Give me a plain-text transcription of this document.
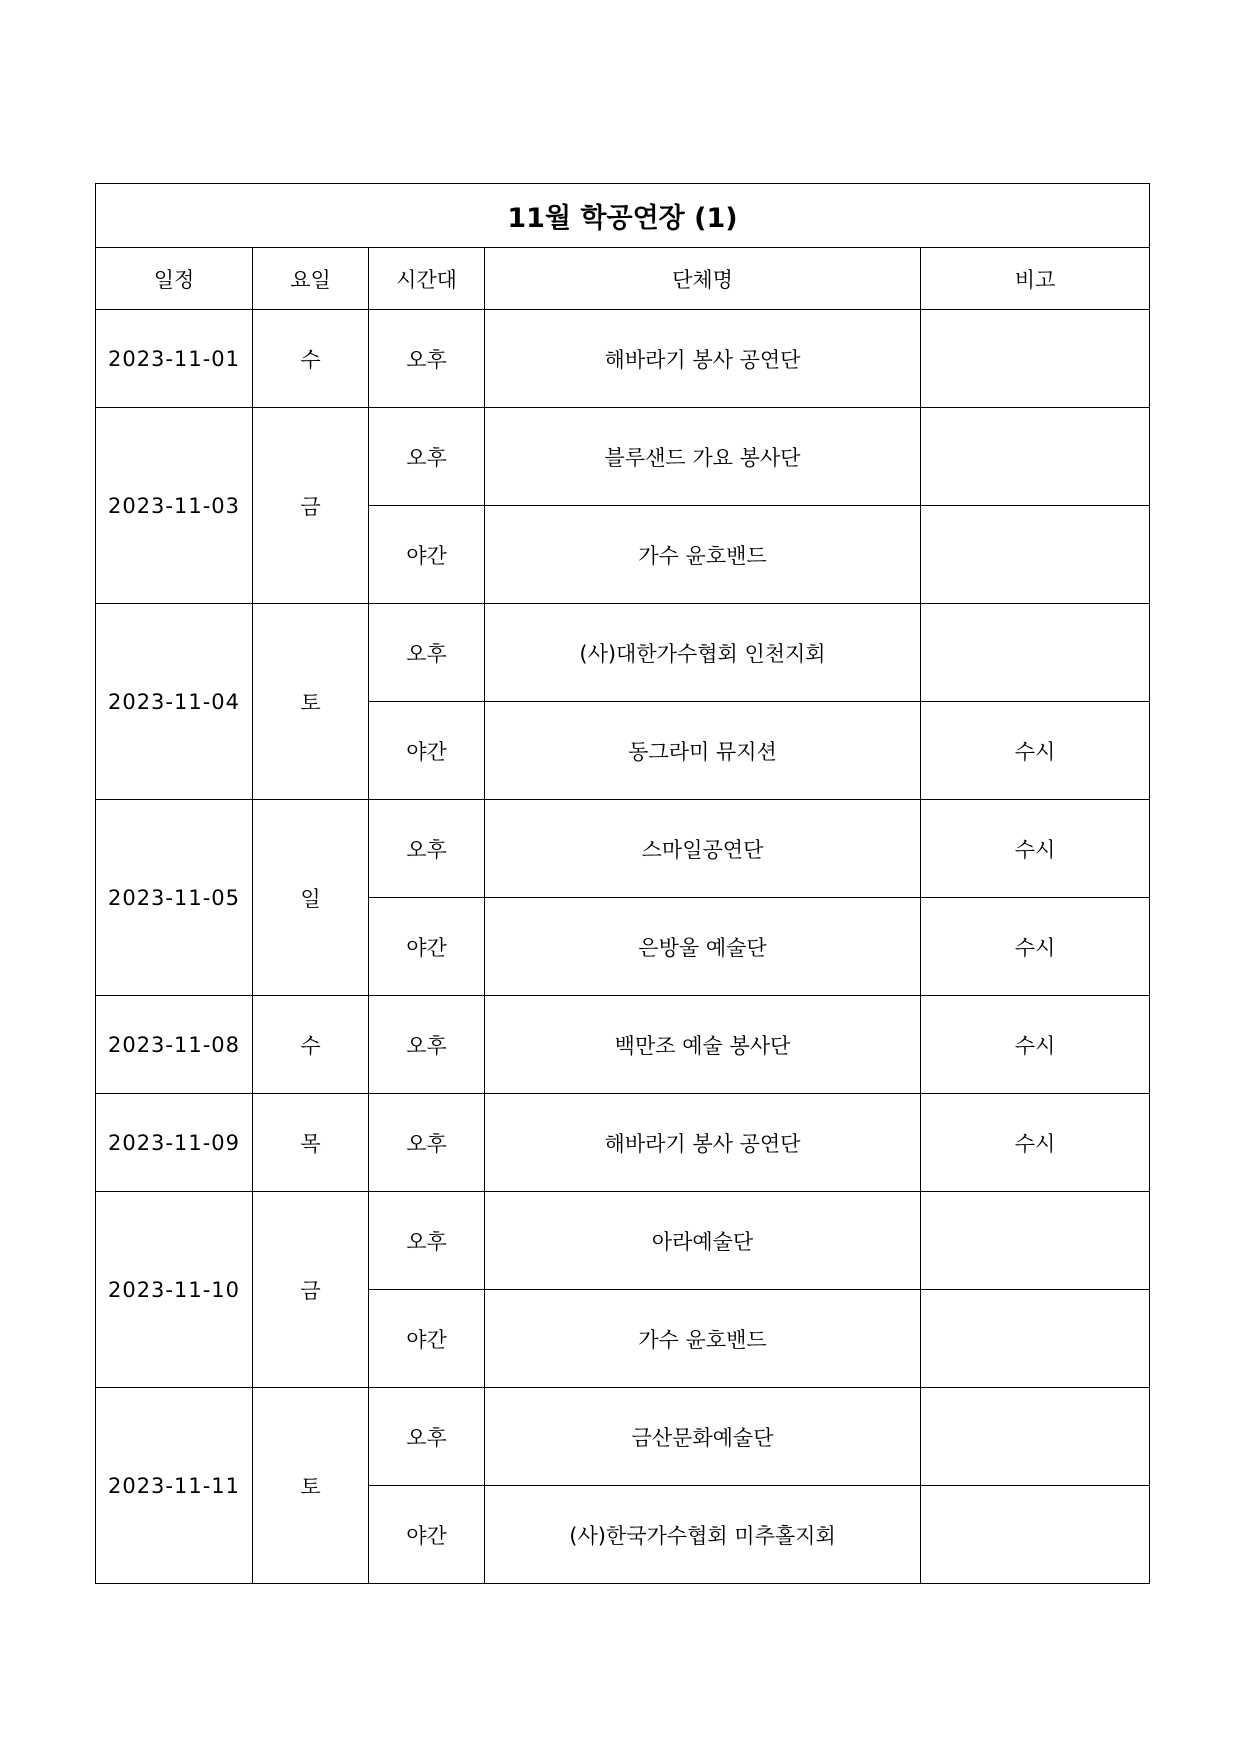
11월 학공연장 (1)				
일정	요일	시간대	단체명	비고
2023-11-01	수	오후	해바라기 봉사 공연단	
2023-11-03	금	오후	블루샌드 가요 봉사단	
		야간	가수 윤호밴드	
2023-11-04	토	오후	(사)대한가수협회 인천지회	
		야간	동그라미 뮤지션	수시
2023-11-05	일	오후	스마일공연단	수시
		야간	은방울 예술단	수시
2023-11-08	수	오후	백만조 예술 봉사단	수시
2023-11-09	목	오후	해바라기 봉사 공연단	수시
2023-11-10	금	오후	아라예술단	
		야간	가수 윤호밴드	
2023-11-11	토	오후	금산문화예술단	
		야간	(사)한국가수협회 미추홀지회	
